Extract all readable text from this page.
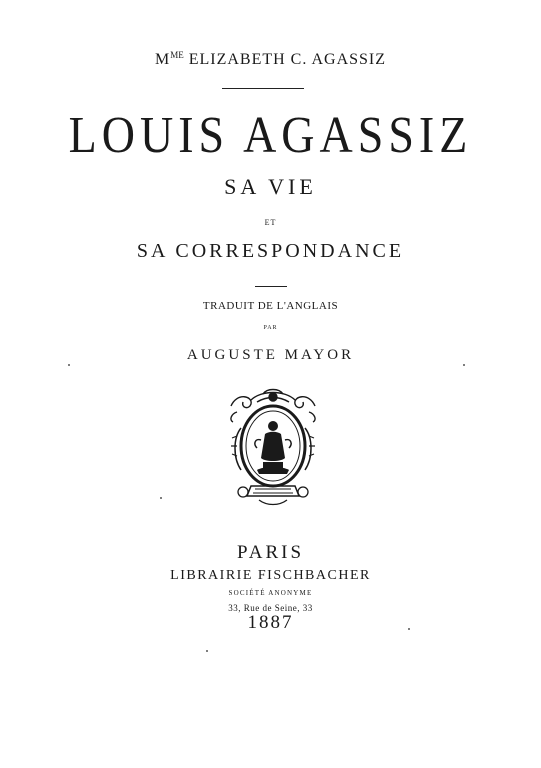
$M^{ME}$ ELIZABETH C. AGASSIZ
LOUIS AGASSIZ
SA VIE
ET
SA CORRESPONDANCE
TRADUIT DE L'ANGLAIS
PAR
AUGUSTE MAYOR
PARIS
LIBRAIRIE FISCHBACHER
SOCIÉTÉ ANONYME
33, Rue de Seine, 33
1887
